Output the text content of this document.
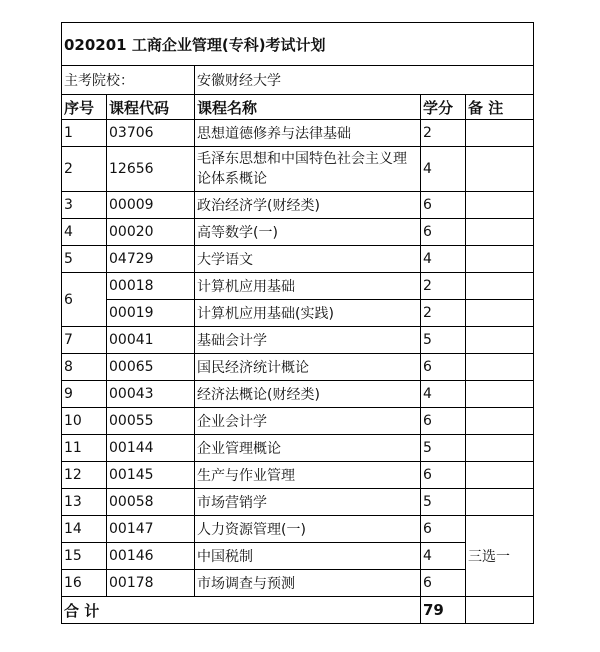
020201 工商企业管理(专科)考试计划				
主考院校：		安徽财经大学		
序号	课程代码	课程名称	学分	备 注
1	03706	思想道德修养与法律基础	2	
2	12656	毛泽东思想和中国特色社会主义理论体系概论	4	
3	00009	政治经济学(财经类)	6	
4	00020	高等数学(一)	6	
5	04729	大学语文	4	
6	00018	计算机应用基础	2	
	00019	计算机应用基础(实践)	2	
7	00041	基础会计学	5	
8	00065	国民经济统计概论	6	
9	00043	经济法概论(财经类)	4	
10	00055	企业会计学	6	
11	00144	企业管理概论	5	
12	00145	生产与作业管理	6	
13	00058	市场营销学	5	
14	00147	人力资源管理(一)	6	三选一
15	00146	中国税制	4	
16	00178	市场调查与预测	6	
合 计			79	
